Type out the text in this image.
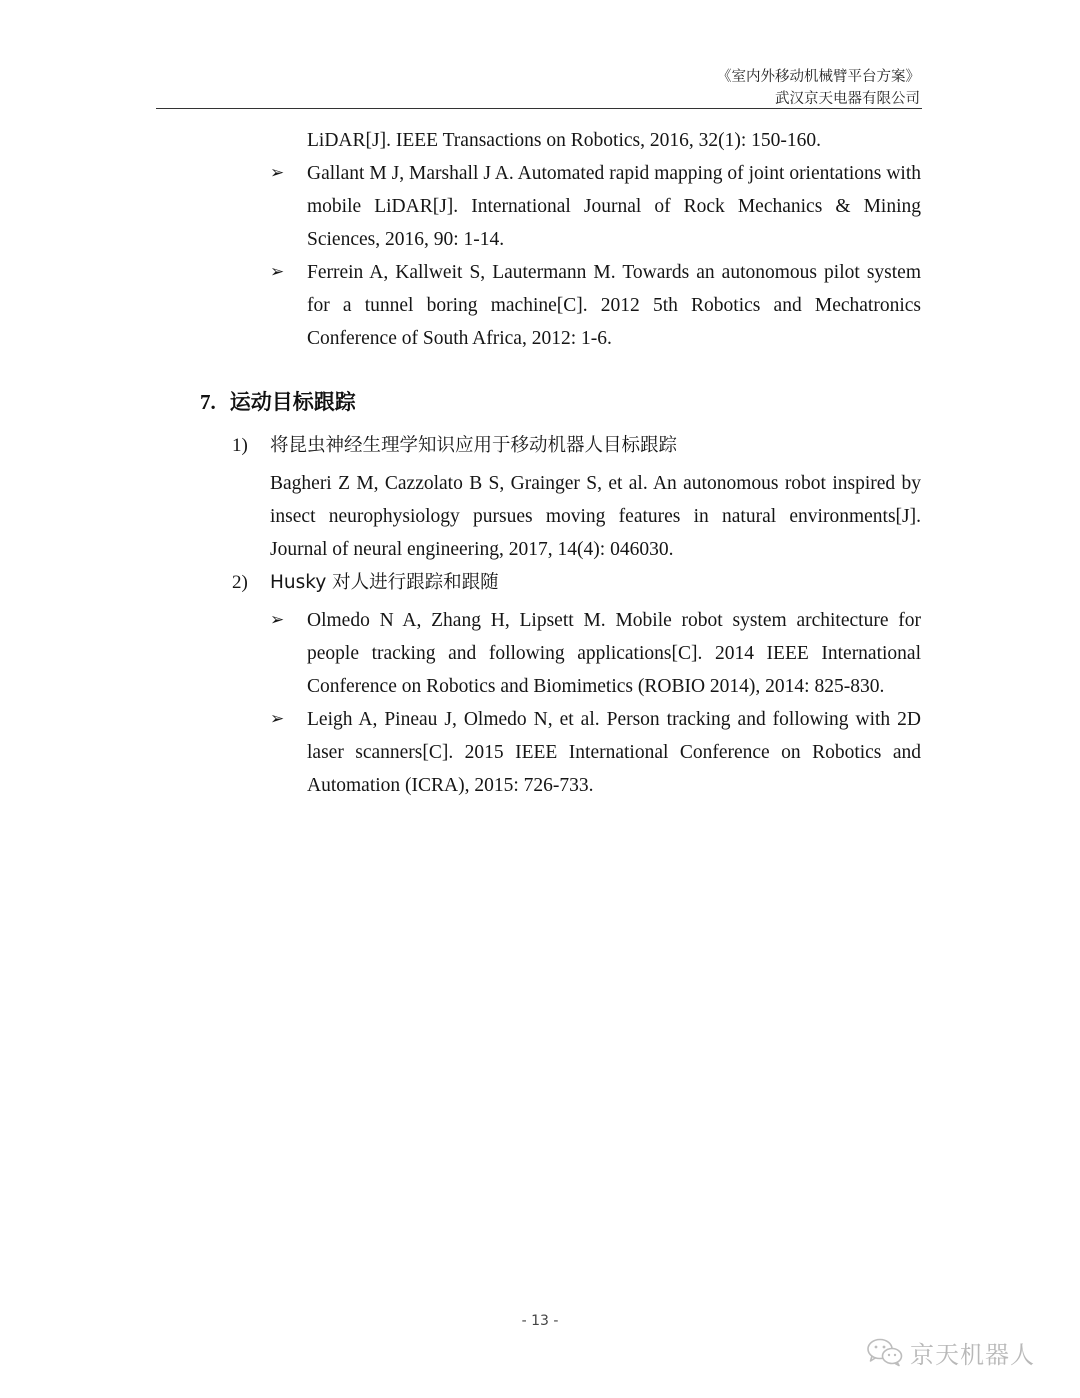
《室内外移动机械臂平台方案》
武汉京天电器有限公司
LiDAR[J]. IEEE Transactions on Robotics, 2016, 32(1): 150-160.
➢ Gallant M J, Marshall J A. Automated rapid mapping of joint orientations with mobile LiDAR[J]. International Journal of Rock Mechanics & Mining Sciences, 2016, 90: 1-14.
➢ Ferrein A, Kallweit S, Lautermann M. Towards an autonomous pilot system for a tunnel boring machine[C]. 2012 5th Robotics and Mechatronics Conference of South Africa, 2012: 1-6.
7. 运动目标跟踪
1) 将昆虫神经生理学知识应用于移动机器人目标跟踪
Bagheri Z M, Cazzolato B S, Grainger S, et al. An autonomous robot inspired by insect neurophysiology pursues moving features in natural environments[J]. Journal of neural engineering, 2017, 14(4): 046030.
2) Husky 对人进行跟踪和跟随
➢ Olmedo N A, Zhang H, Lipsett M. Mobile robot system architecture for people tracking and following applications[C]. 2014 IEEE International Conference on Robotics and Biomimetics (ROBIO 2014), 2014: 825-830.
➢ Leigh A, Pineau J, Olmedo N, et al. Person tracking and following with 2D laser scanners[C]. 2015 IEEE International Conference on Robotics and Automation (ICRA), 2015: 726-733.
- 13 -
京天机器人
